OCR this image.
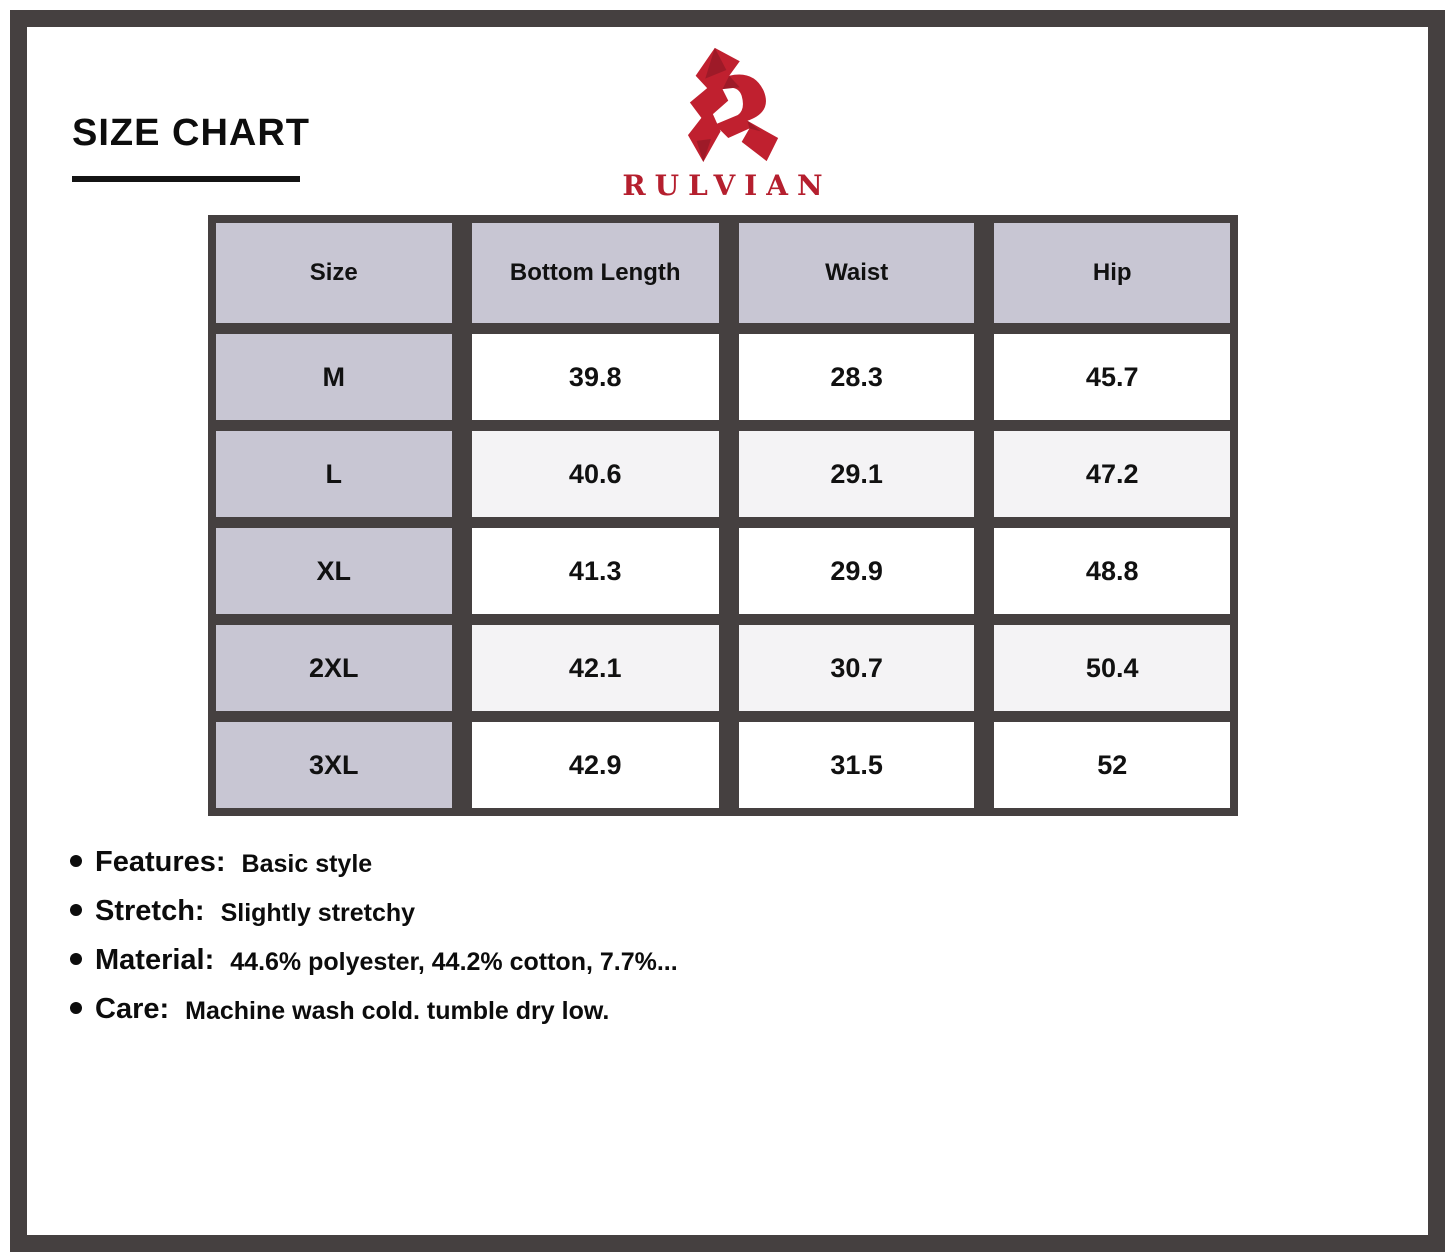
SIZE CHART
RULVIAN
Size	Bottom Length	Waist	Hip
M	39.8	28.3	45.7
L	40.6	29.1	47.2
XL	41.3	29.9	48.8
2XL	42.1	30.7	50.4
3XL	42.9	31.5	52
Features: Basic style
Stretch: Slightly stretchy
Material: 44.6% polyester, 44.2% cotton, 7.7%...
Care: Machine wash cold. tumble dry low.
